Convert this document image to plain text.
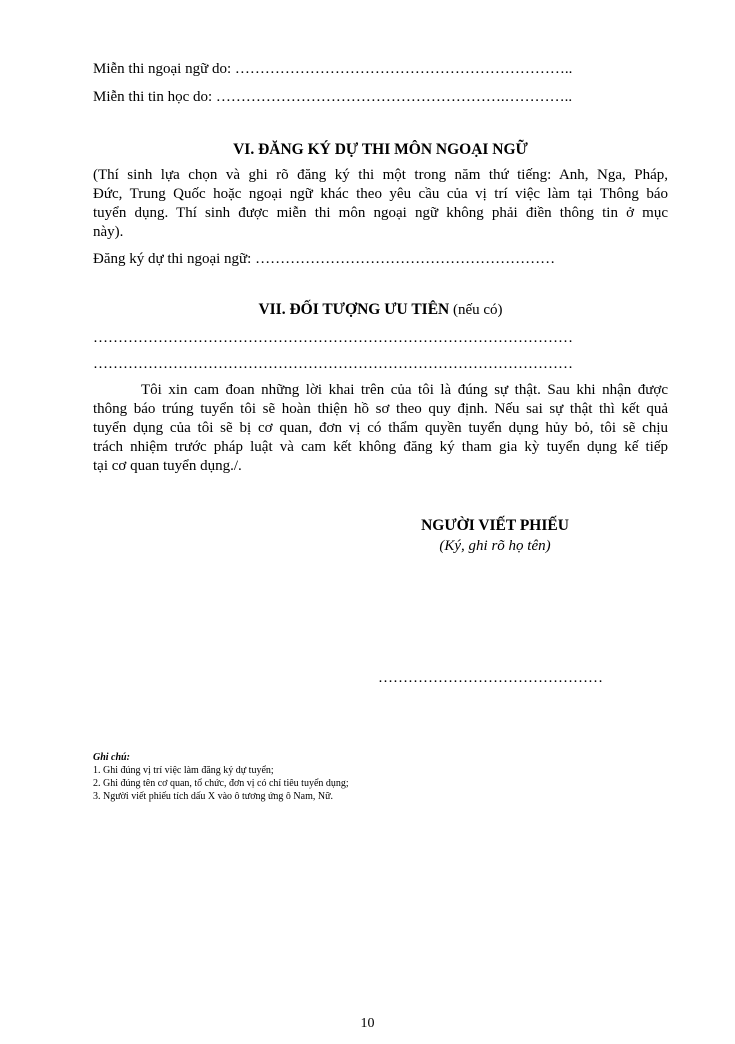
Miễn thi ngoại ngữ do: …………………………………………………………..
Miễn thi tin học do: ………………………………………………….…………..
VI. ĐĂNG KÝ DỰ THI MÔN NGOẠI NGỮ
(Thí sinh lựa chọn và ghi rõ đăng ký thi một trong năm thứ tiếng: Anh, Nga, Pháp,
Đức, Trung Quốc hoặc ngoại ngữ khác theo yêu cầu của vị trí việc làm tại Thông báo
tuyển dụng. Thí sinh được miễn thi môn ngoại ngữ không phải điền thông tin ở mục
này).
Đăng ký dự thi ngoại ngữ: ……………………………………………………
VII. ĐỐI TƯỢNG ƯU TIÊN (nếu có)
……………………………………………………………………………………
……………………………………………………………………………………
Tôi xin cam đoan những lời khai trên của tôi là đúng sự thật. Sau khi nhận được
thông báo trúng tuyển tôi sẽ hoàn thiện hồ sơ theo quy định. Nếu sai sự thật thì kết quả
tuyển dụng của tôi sẽ bị cơ quan, đơn vị có thẩm quyền tuyển dụng hủy bỏ, tôi sẽ chịu
trách nhiệm trước pháp luật và cam kết không đăng ký tham gia kỳ tuyển dụng kế tiếp
tại cơ quan tuyển dụng./.
NGƯỜI VIẾT PHIẾU
(Ký, ghi rõ họ tên)
………………………………………
Ghi chú:
1. Ghi đúng vị trí việc làm đăng ký dự tuyển;
2. Ghi đúng tên cơ quan, tổ chức, đơn vị có chỉ tiêu tuyển dụng;
3. Người viết phiếu tích dấu X vào ô tương ứng ô Nam, Nữ.
10
